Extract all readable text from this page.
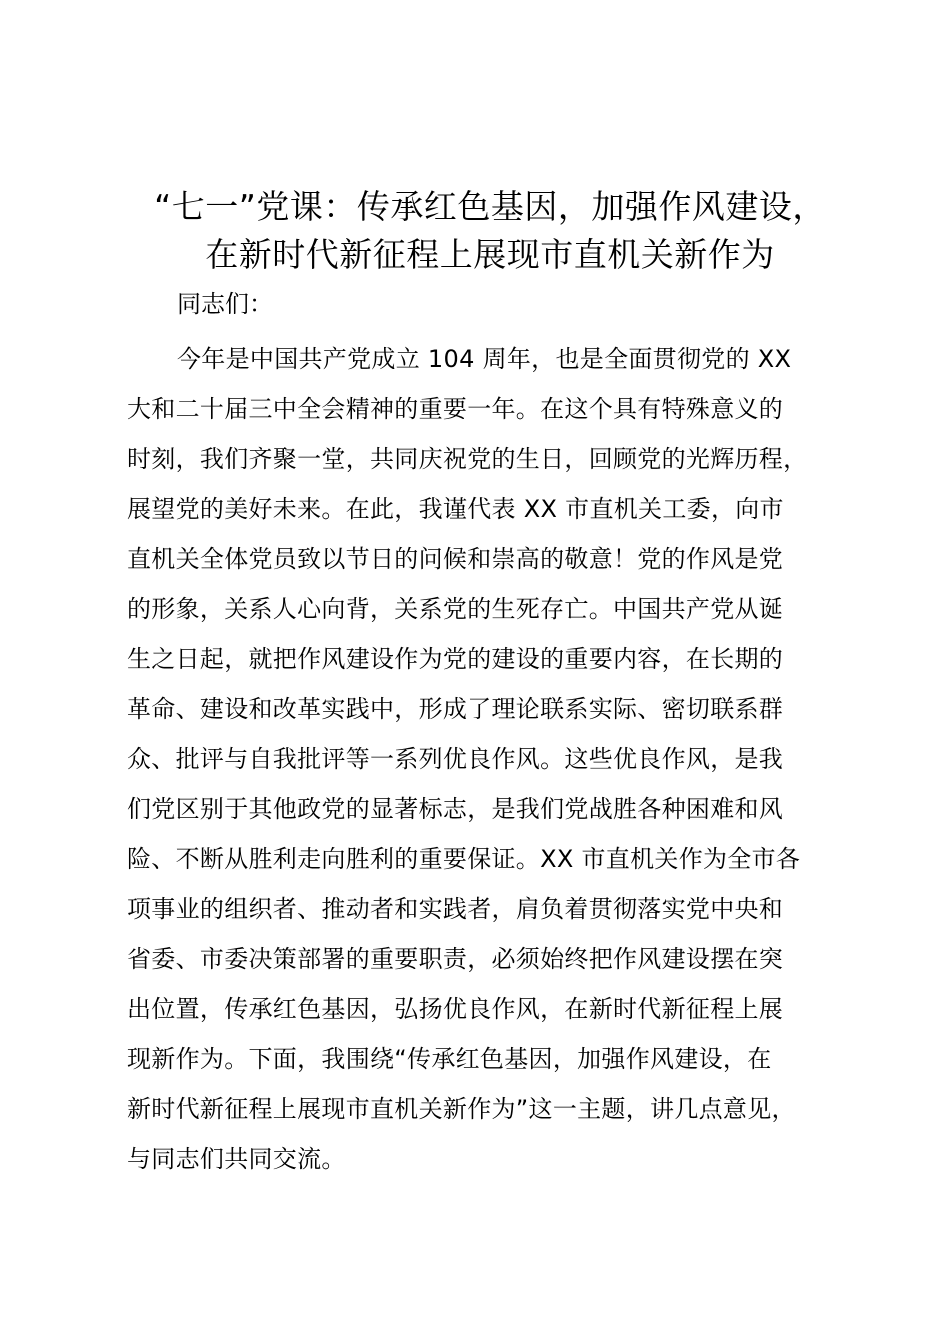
“七一”党课：传承红色基因，加强作风建设，
在新时代新征程上展现市直机关新作为

同志们：

今年是中国共产党成立 104 周年，也是全面贯彻党的 XX
大和二十届三中全会精神的重要一年。在这个具有特殊意义的
时刻，我们齐聚一堂，共同庆祝党的生日，回顾党的光辉历程，
展望党的美好未来。在此，我谨代表 XX 市直机关工委，向市
直机关全体党员致以节日的问候和崇高的敬意！党的作风是党
的形象，关系人心向背，关系党的生死存亡。中国共产党从诞
生之日起，就把作风建设作为党的建设的重要内容，在长期的
革命、建设和改革实践中，形成了理论联系实际、密切联系群
众、批评与自我批评等一系列优良作风。这些优良作风，是我
们党区别于其他政党的显著标志，是我们党战胜各种困难和风
险、不断从胜利走向胜利的重要保证。XX 市直机关作为全市各
项事业的组织者、推动者和实践者，肩负着贯彻落实党中央和
省委、市委决策部署的重要职责，必须始终把作风建设摆在突
出位置，传承红色基因，弘扬优良作风，在新时代新征程上展
现新作为。下面，我围绕“传承红色基因，加强作风建设，在
新时代新征程上展现市直机关新作为”这一主题，讲几点意见，
与同志们共同交流。
